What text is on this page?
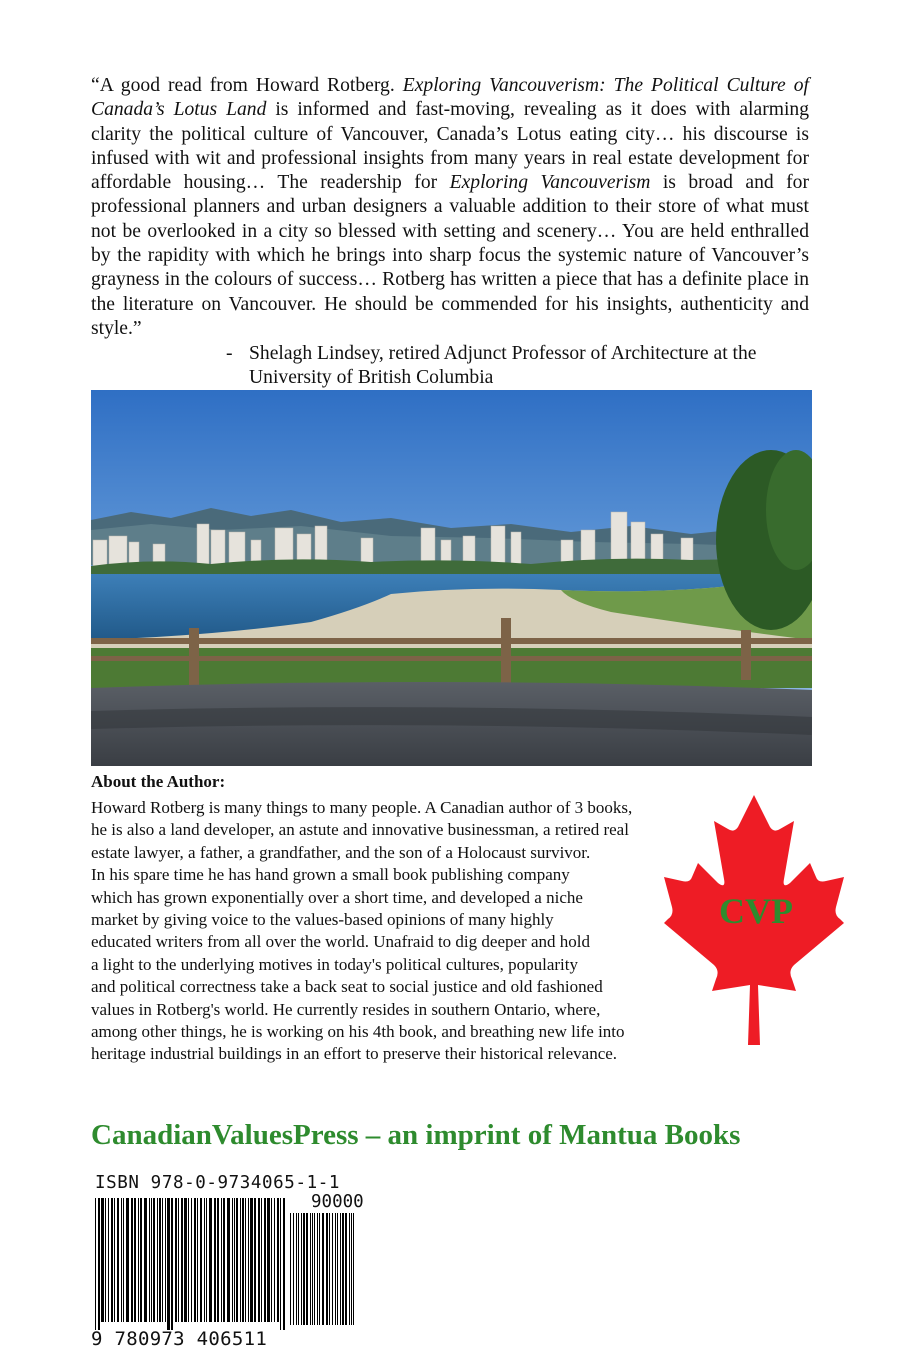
“A good read from Howard Rotberg. Exploring Vancouverism: The Political Culture of Canada’s Lotus Land is informed and fast-moving, revealing as it does with alarming clarity the political culture of Vancouver, Canada’s Lotus eating city… his discourse is infused with wit and professional insights from many years in real estate development for affordable housing… The readership for Exploring Vancouverism is broad and for professional planners and urban designers a valuable addition to their store of what must not be overlooked in a city so blessed with setting and scenery… You are held enthralled by the rapidity with which he brings into sharp focus the systemic nature of Vancouver’s grayness in the colours of success… Rotberg has written a piece that has a definite place in the literature on Vancouver. He should be commended for his insights, authenticity and style.”

- Shelagh Lindsey, retired Adjunct Professor of Architecture at the University of British Columbia
About the Author:
Howard Rotberg is many things to many people. A Canadian author of 3 books,
he is also a land developer, an astute and innovative businessman, a retired real
estate lawyer, a father, a grandfather, and the son of a Holocaust survivor.
In his spare time he has hand grown a small book publishing company
which has grown exponentially over a short time, and developed a niche
market by giving voice to the values-based opinions of many highly
educated writers from all over the world. Unafraid to dig deeper and hold
a light to the underlying motives in today's political cultures, popularity
and political correctness take a back seat to social justice and old fashioned
values in Rotberg's world. He currently resides in southern Ontario, where,
among other things, he is working on his 4th book, and breathing new life into
heritage industrial buildings in an effort to preserve their historical relevance.
CVP
CanadianValuesPress – an imprint of Mantua Books
ISBN 978-0-9734065-1-1
90000
9 780973 406511
